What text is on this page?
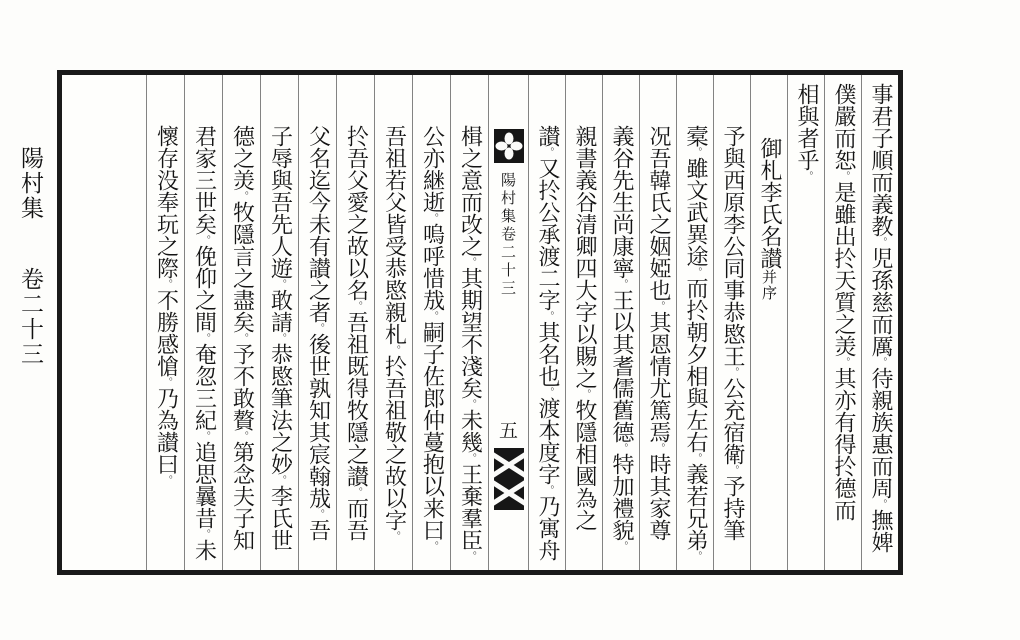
陽村集卷二十三
事君子順而義教。児孫慈而厲。待親族惠而周。撫婢
僕嚴而恕。是雖出扵天質之羙。其亦有得扵德而
相與者乎。
御札李氏名讃并序
予與西原李公同事恭愍王。公充宿衛。予持筆
槖。雖文武異途。而扵朝夕相與左右。義若兄弟。
况吾韓氏之姻婭也。其恩情尤篤焉。時其家尊
義谷先生尚康寧。王以其耆儒舊德。特加禮貌。
親書義谷清卿四大字以賜之。牧隱相國為之
讃。又扵公承渡二字。其名也。渡本度字。乃寓舟
陽村集卷二十三
五
楫之意而改之。其期望不淺矣。未幾。王棄羣臣。
公亦継逝。嗚呼惜㦲。嗣子佐郎仲蔓抱以来曰。
吾祖若父皆受恭愍親札。扵吾祖敬之故以字。
扵吾父愛之故以名。吾祖既得牧隱之讃。而吾
父名迄今未有讃之者。後世孰知其宸翰㦲。吾
子辱與吾先人遊。敢請。恭愍筆法之妙。李氏世
德之羙。牧隱言之盡矣。予不敢贅。第念夫子知
君家三世矣。俛仰之間。奄忽三紀。追思曩昔。未
懷存没奉玩之際。不勝感愴。乃為讃曰。
